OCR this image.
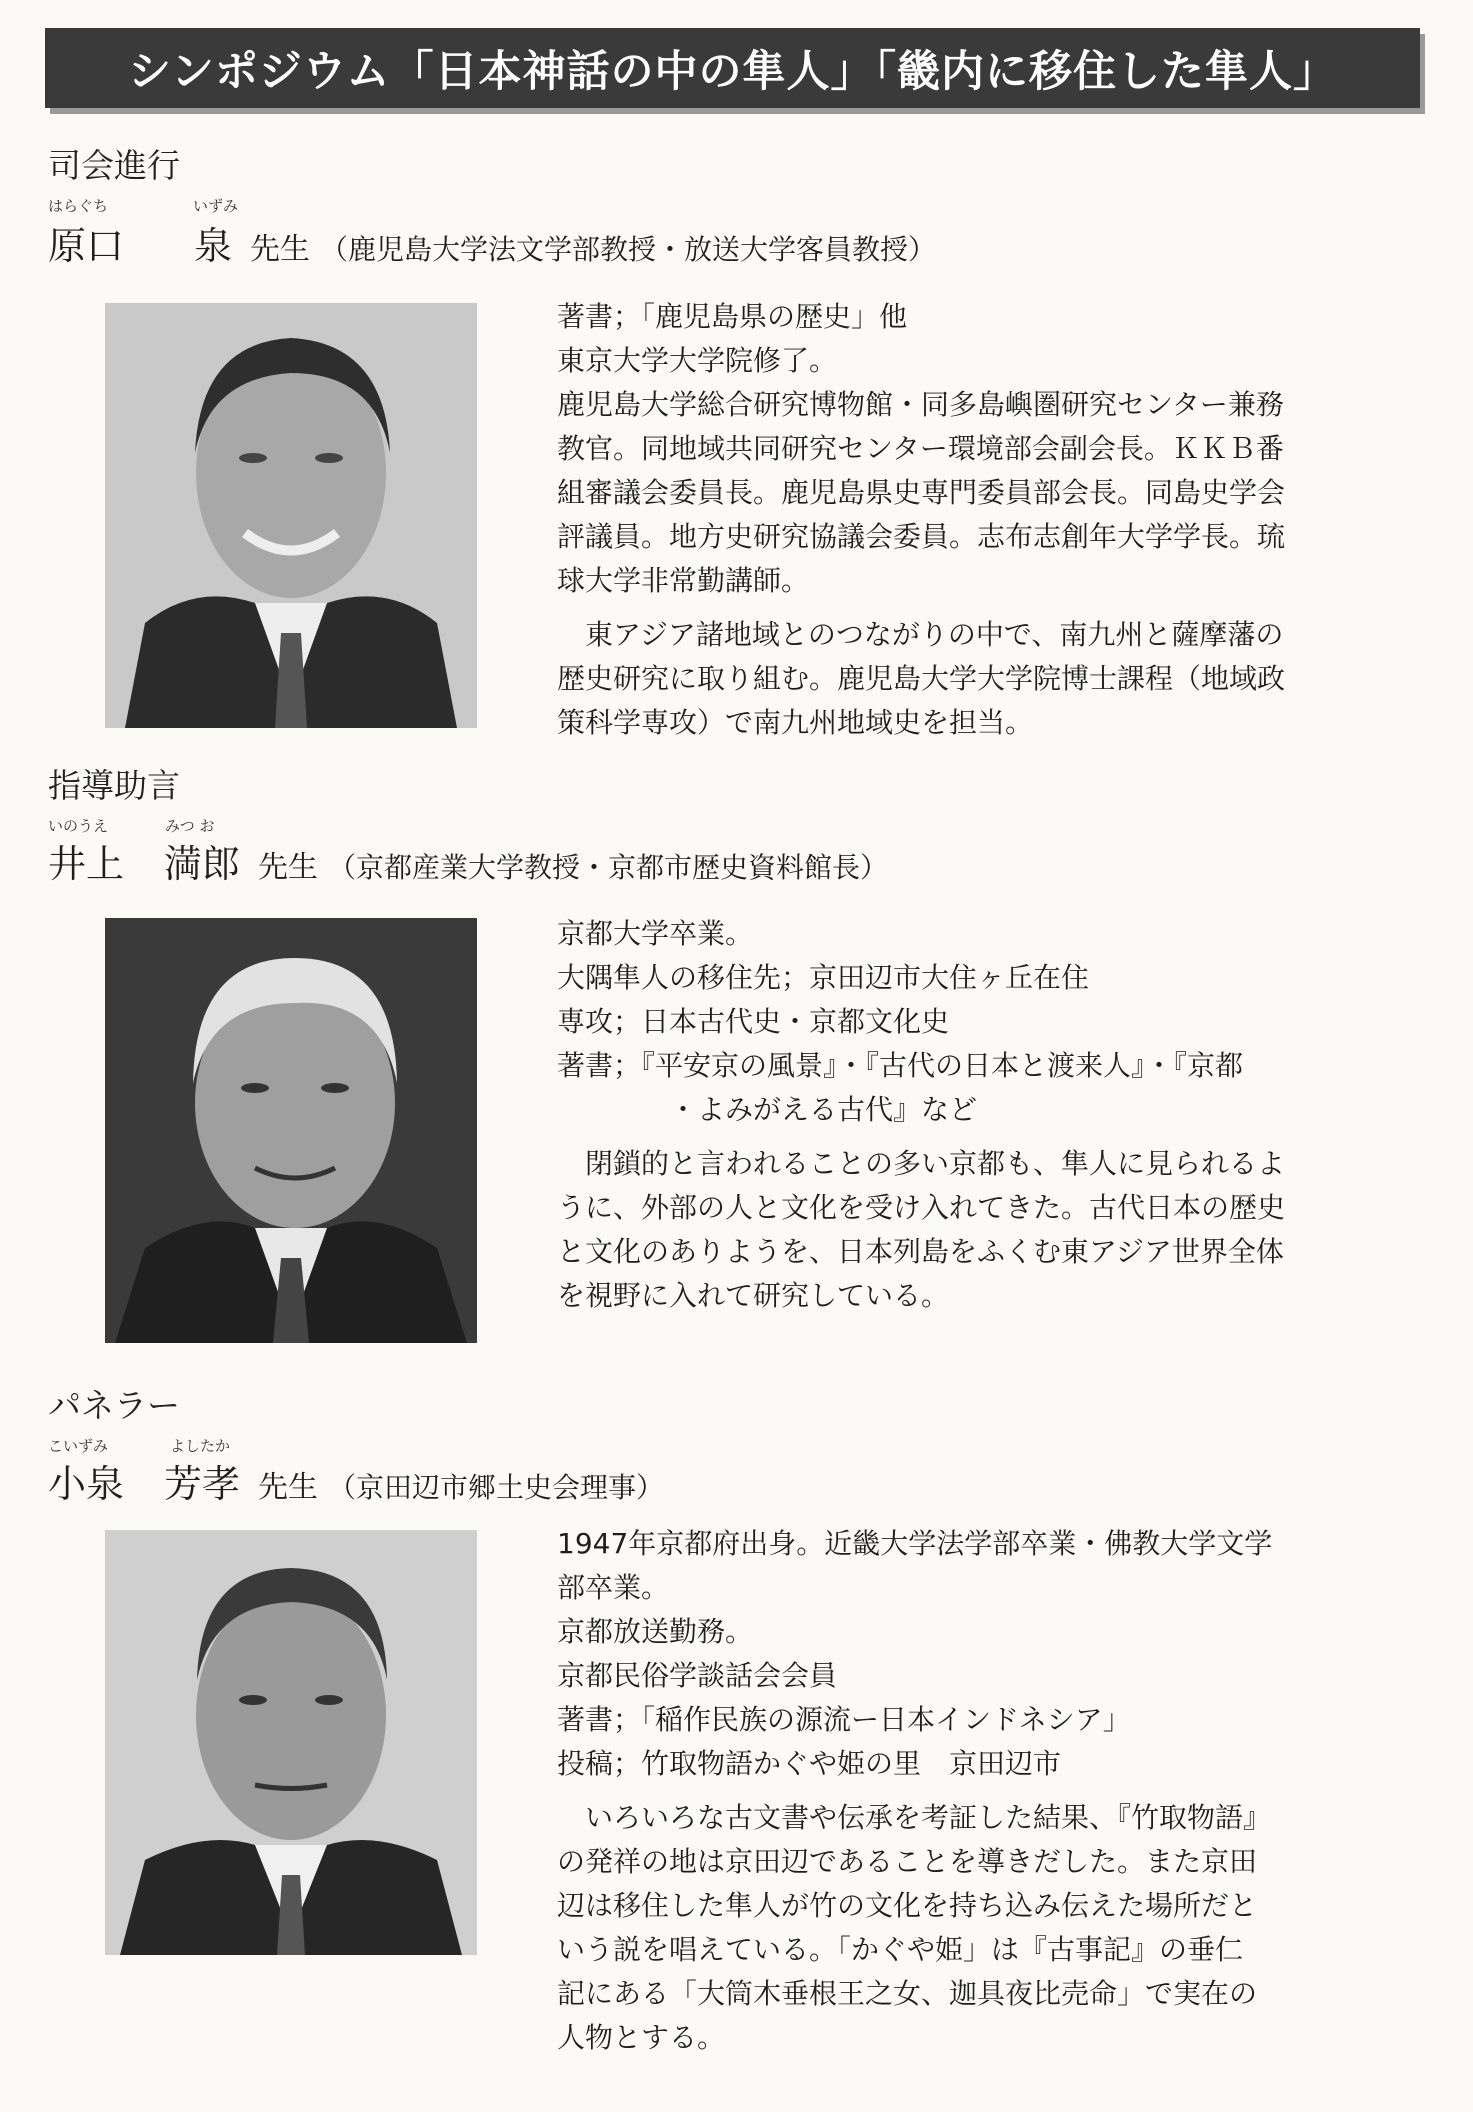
シンポジウム「日本神話の中の隼人」「畿内に移住した隼人」
司会進行
はらぐち	いずみ
原口 泉 先生 （鹿児島大学法文学部教授・放送大学客員教授）
著書；「鹿児島県の歴史」他
東京大学大学院修了。
鹿児島大学総合研究博物館・同多島嶼圏研究センター兼務
教官。同地域共同研究センター環境部会副会長。ＫＫＢ番
組審議会委員長。鹿児島県史専門委員部会長。同島史学会
評議員。地方史研究協議会委員。志布志創年大学学長。琉
球大学非常勤講師。
東アジア諸地域とのつながりの中で、南九州と薩摩藩の
歴史研究に取り組む。鹿児島大学大学院博士課程（地域政
策科学専攻）で南九州地域史を担当。
指導助言
いのうえ	みつ お
井上 満郎 先生 （京都産業大学教授・京都市歴史資料館長）
京都大学卒業。
大隅隼人の移住先；京田辺市大住ヶ丘在住
専攻；日本古代史・京都文化史
著書；『平安京の風景』・『古代の日本と渡来人』・『京都
・よみがえる古代』など
閉鎖的と言われることの多い京都も、隼人に見られるよ
うに、外部の人と文化を受け入れてきた。古代日本の歴史
と文化のありようを、日本列島をふくむ東アジア世界全体
を視野に入れて研究している。
パネラー
こいずみ	よしたか
小泉 芳孝 先生 （京田辺市郷土史会理事）
1947年京都府出身。近畿大学法学部卒業・佛教大学文学
部卒業。
京都放送勤務。
京都民俗学談話会会員
著書；「稲作民族の源流ー日本インドネシア」
投稿；竹取物語かぐや姫の里　京田辺市
いろいろな古文書や伝承を考証した結果、『竹取物語』
の発祥の地は京田辺であることを導きだした。また京田
辺は移住した隼人が竹の文化を持ち込み伝えた場所だと
いう説を唱えている。「かぐや姫」は『古事記』の垂仁
記にある「大筒木垂根王之女、迦具夜比売命」で実在の
人物とする。
